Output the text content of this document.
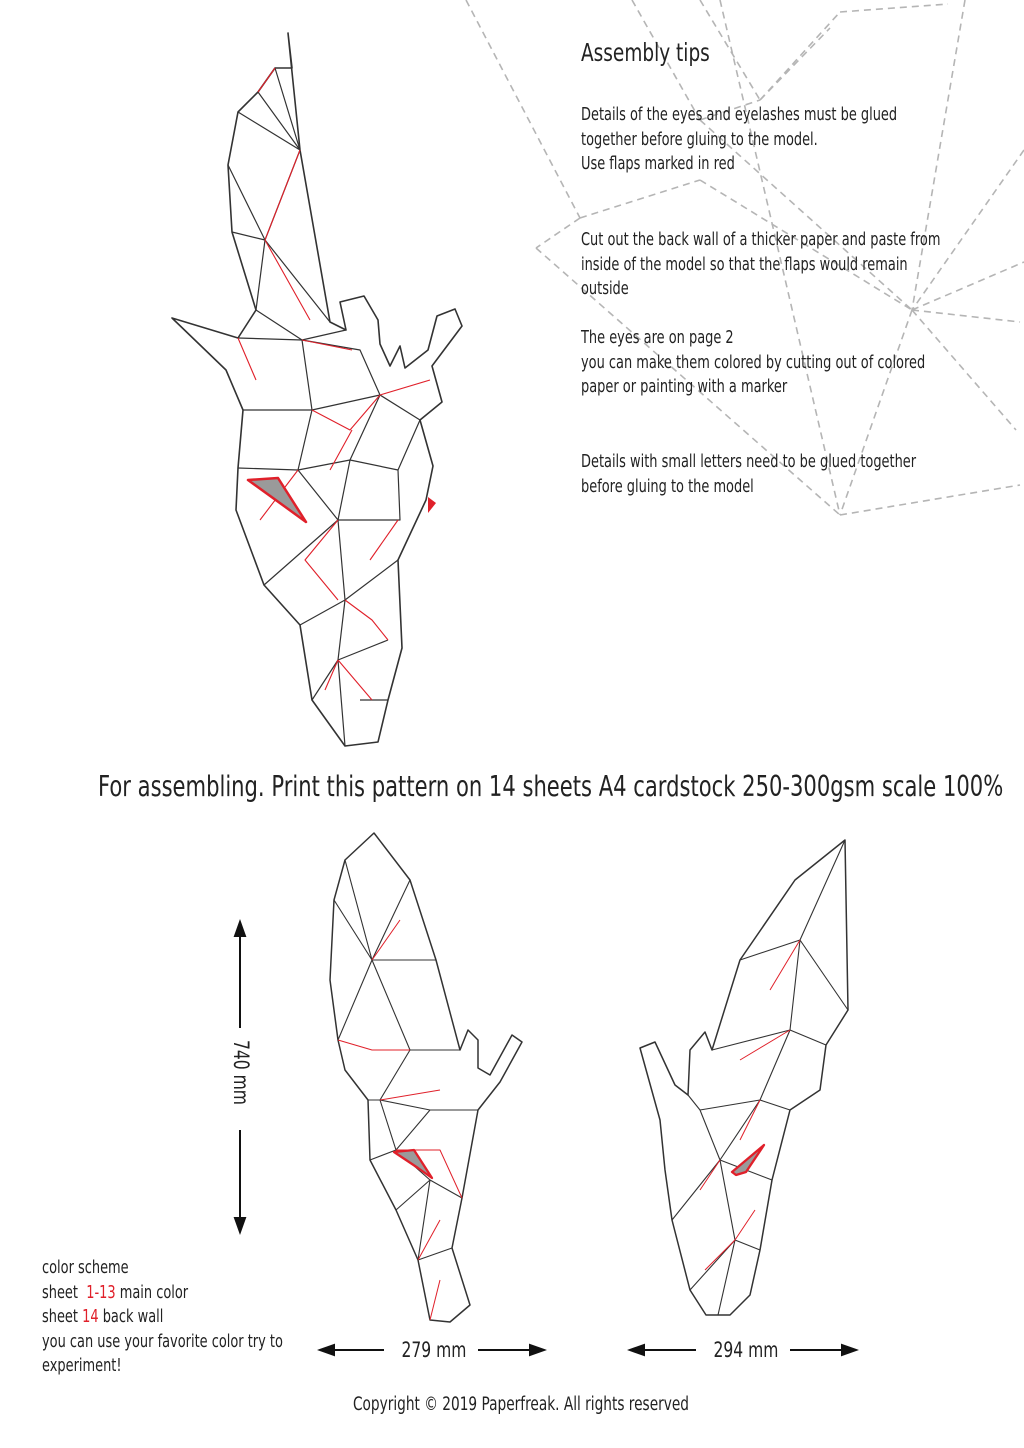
Assembly tips
Details of the eyes and eyelashes must be glued
together before gluing to the model.
Use flaps marked in red
Cut out the back wall of a thicker paper and paste from
inside of the model so that the flaps would remain
outside
The eyes are on page 2
you can make them colored by cutting out of colored
paper or painting with a marker
Details with small letters need to be glued together
before gluing to the model
For assembling. Print this pattern on 14 sheets A4 cardstock 250-300gsm scale 100%
740 mm
279 mm	294 mm
color scheme
sheet 1-13 main color
sheet 14 back wall
you can use your favorite color try to
experiment!
Copyright © 2019 Paperfreak. All rights reserved
